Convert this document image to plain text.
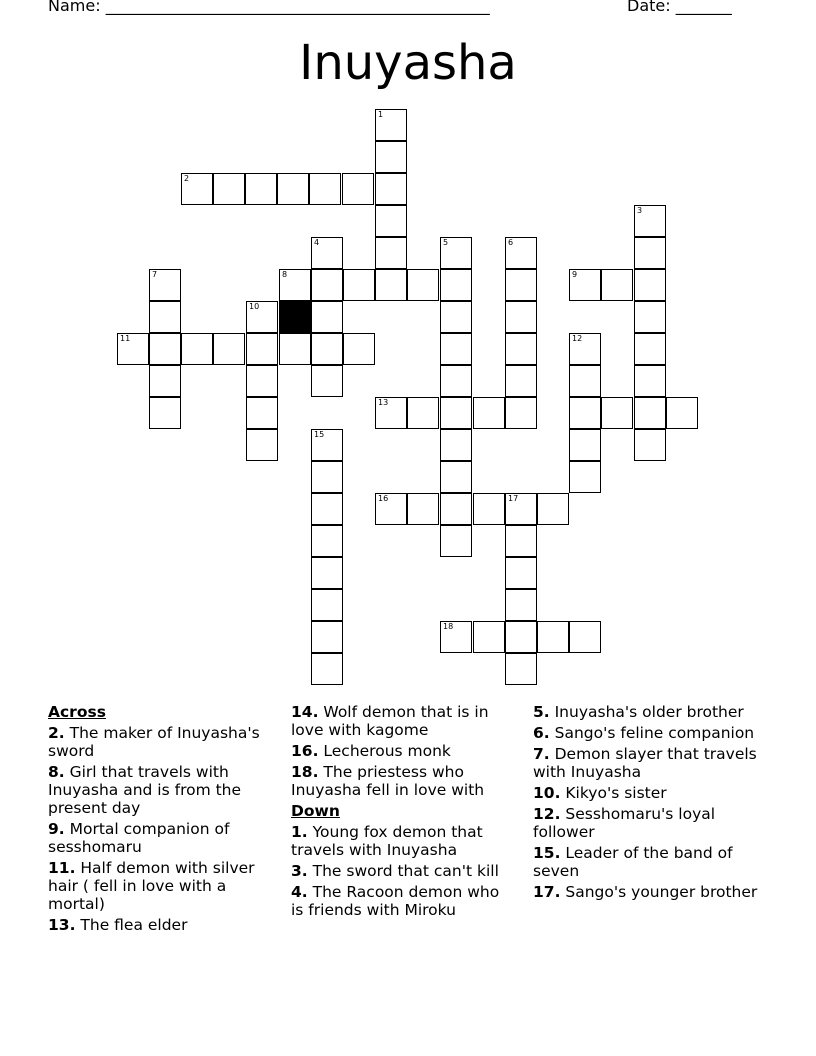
Name: ________________________________________________	Date: _______
Inuyasha
1
2
3
4	5	6
7	8	9
10
11	12
13
15
16	17
18
Across
2. The maker of Inuyasha's sword
8. Girl that travels with Inuyasha and is from the present day
9. Mortal companion of sesshomaru
11. Half demon with silver hair ( fell in love with a mortal)
13. The flea elder
14. Wolf demon that is in love with kagome
16. Lecherous monk
18. The priestess who Inuyasha fell in love with
Down
1. Young fox demon that travels with Inuyasha
3. The sword that can't kill
4. The Racoon demon who is friends with Miroku
5. Inuyasha's older brother
6. Sango's feline companion
7. Demon slayer that travels with Inuyasha
10. Kikyo's sister
12. Sesshomaru's loyal follower
15. Leader of the band of seven
17. Sango's younger brother
